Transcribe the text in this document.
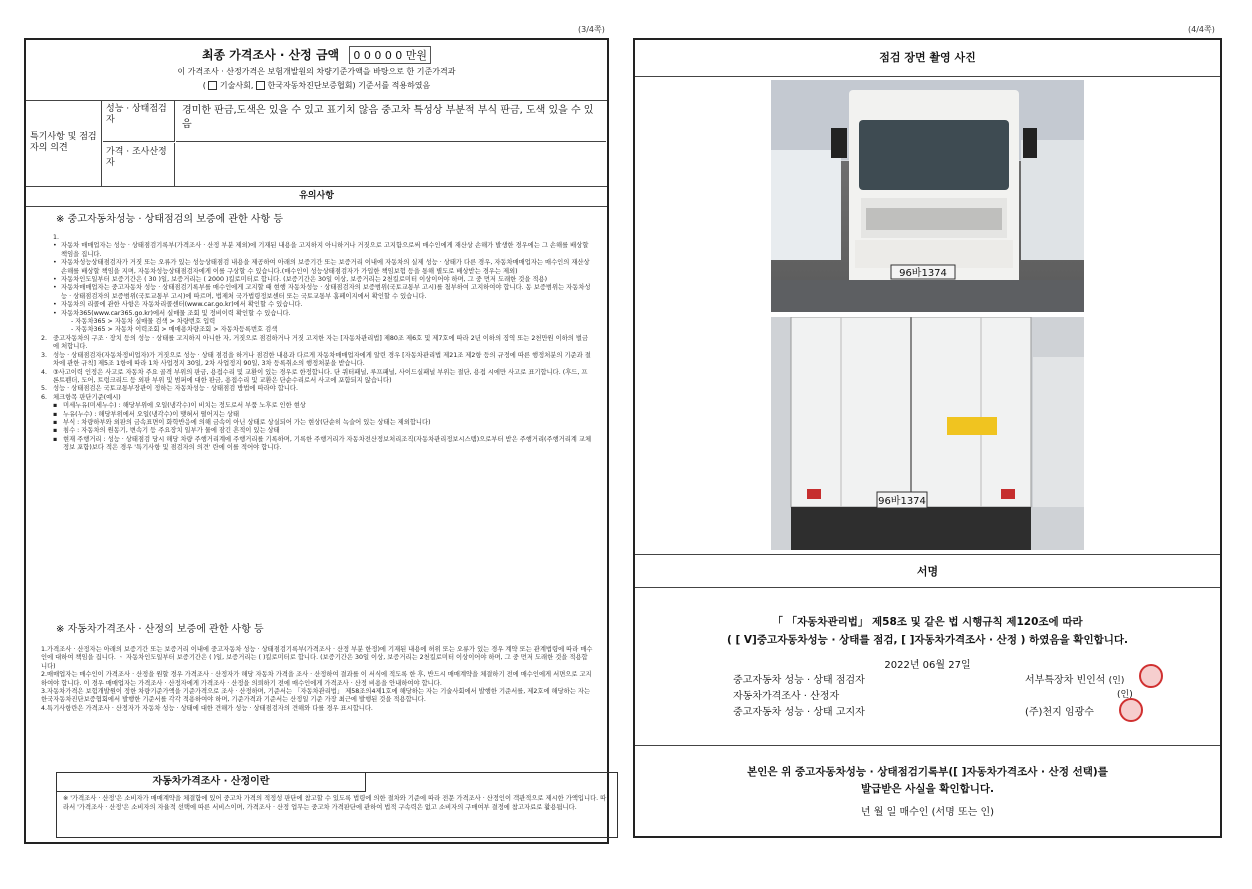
(3/4쪽)	(4/4쪽)
최종 가격조사 · 산정 금액 0 0 0 0 0 만원
이 가격조사 · 산정가격은 보험개발원의 차량기준가액을 바탕으로 한 기준가격과
(  기술사회,  한국자동차진단보증협회) 기준서를 적용하였음
특기사항 및 점검자의 의견
성능 · 상태점검자
경미한 판금,도색은 있을 수 있고 표기치 않음 중고차 특성상 부분적 부식 판금, 도색 있을 수 있음
가격 · 조사산정자
유의사항
※ 중고자동차성능 · 상태점검의 보증에 관한 사항 등
1.
• 자동차 매매업자는 성능 · 상태점검기록부(가격조사 · 산정 부분 제외)에 기재된 내용을 고지하지 아니하거나 거짓으로 고지함으로써 매수인에게 재산상 손해가 발생한 경우에는 그 손해를 배상할 책임을 집니다.
• 자동차성능상태점검자가 거짓 또는 오류가 있는 성능상태점검 내용을 제공하여 아래의 보증기간 또는 보증거리 이내에 자동차의 실제 성능 · 상태가 다른 경우, 자동차매매업자는 매수인의 재산상 손해를 배상할 책임을 지며, 자동차성능상태점검자에게 이를 구상할 수 있습니다.(매수인이 성능상태점검자가 가입한 책임보험 등을 통해 별도로 배상받는 경우는 제외)
• 자동차인도일부터 보증기간은 ( 30 )일, 보증거리는 ( 2000 )킬로미터로 합니다. (보증기간은 30일 이상, 보증거리는 2천킬로미터 이상이어야 하며, 그 중 먼저 도래한 것을 적용)
• 자동차매매업자는 중고자동차 성능 · 상태점검기록부를 매수인에게 고지할 때 현행 자동차성능 · 상태점검자의 보증범위(국토교통부 고시)를 첨부하여 고지하여야 합니다. 동 보증범위는 자동차성능 · 상태점검자의 보증범위(국토교통부 고시)에 따르며, 법제처 국가법령정보센터 또는 국토교통부 홈페이지에서 확인할 수 있습니다.
• 자동차의 리콜에 관한 사항은 자동차리콜센터(www.car.go.kr)에서 확인할 수 있습니다.
• 자동차365(www.car365.go.kr)에서 실매물 조회 및 정비이력 확인할 수 있습니다.
- 자동차365 > 자동차 실매물 검색 > 차량번호 입력
- 자동차365 > 자동차 이력조회 > 매매용차량조회 > 자동차등록번호 검색
2. 중고자동차의 구조 · 장치 등의 성능 · 상태를 고지하지 아니한 자, 거짓으로 점검하거나 거짓 고지한 자는 [자동차관리법] 제80조 제6호 및 제7호에 따라 2년 이하의 징역 또는 2천만원 이하의 벌금에 처합니다.
3. 성능 · 상태점검자(자동차정비업자)가 거짓으로 성능 · 상태 점검을 하거나 점검한 내용과 다르게 자동차매매업자에게 알린 경우 [자동차관리법 제21조 제2항 등의 규정에 따른 행정처분의 기준과 절차에 관한 규칙] 제5조 1항에 따라 1차 사업정지 30일, 2차 사업정지 90일, 3차 등록취소의 행정처분을 받습니다.
4. ③사고이력 인정은 사고로 자동차 주요 골격 부위의 판금, 용접수리 및 교환이 있는 경우로 한정합니다. 단 쿼터패널, 루프패널, 사이드실패널 부위는 절단, 용접 시에만 사고로 표기합니다. (후드, 프론트펜더, 도어, 트렁크리드 등 외판 부위 및 범퍼에 대한 판금, 용접수리 및 교환은 단순수리로서 사고에 포함되지 않습니다)
5. 성능 · 상태점검은 국토교통부장관이 정하는 자동차성능 · 상태점검 방법에 따라야 합니다.
6. 체크항목 판단기준(예시)
▪ 미세누유(미세누수) : 해당부위에 오일(냉각수)이 비치는 정도로서 부품 노후로 인한 현상
▪ 누유(누수) : 해당부위에서 오일(냉각수)이 맺혀서 떨어지는 상태
▪ 부식 : 차량하부와 외판의 금속표면이 화학반응에 의해 금속이 아닌 상태로 상실되어 가는 현상(단순히 녹슬어 있는 상태는 제외합니다)
▪ 침수 : 자동차의 원동기, 변속기 등 주요장치 일부가 물에 잠긴 흔적이 있는 상태
▪ 현재 주행거리 : 성능 · 상태점검 당시 해당 차량 주행거리계에 주행거리를 기록하며, 기록한 주행거리가 자동차전산정보처리조직(자동차관리정보시스템)으로부터 받은 주행거리(주행거리계 교체 정보 포함)보다 적은 경우 '특기사항 및 점검자의 의견' 란에 이를 적어야 합니다.
※ 자동차가격조사 · 산정의 보증에 관한 사항 등
1.가격조사 · 산정자는 아래의 보증기간 또는 보증거리 이내에 중고자동차 성능 · 상태점검기록부(가격조사 · 산정 부분 한정)에 기재된 내용에 허위 또는 오류가 있는 경우 계약 또는 관계법령에 따라 매수인에 대하여 책임을 집니다. ㆍ 자동차인도일부터 보증기간은 ( )일, 보증거리는 ( )킬로미터로 합니다. (보증기간은 30일 이상, 보증거리는 2천킬로미터 이상이어야 하며, 그 중 먼저 도래한 것을 적용합니다)
2.매매업자는 매수인이 가격조사 · 산정을 원할 경우 가격조사 · 산정자가 해당 자동차 가격을 조사 · 산정하여 결과를 이 서식에 적도록 한 후, 반드시 매매계약을 체결하기 전에 매수인에게 서면으로 고지하여야 합니다. 이 경우 매매업자는 가격조사 · 산정자에게 가격조사 · 산정을 의뢰하기 전에 매수인에게 가격조사 · 산정 비용을 안내하여야 합니다.
3.자동차가격은 보험개발원이 정한 차량기준가액을 기준가격으로 조사 · 산정하며, 기준서는 「자동차관리법」 제58조의4제1호에 해당하는 자는 기술사회에서 발행한 기준서를, 제2호에 해당하는 자는 한국자동차진단보증협회에서 발행한 기준서를 각각 적용하여야 하며, 기준가격과 기준서는 산정일 기준 가장 최근에 발행된 것을 적용합니다.
4.특기사항란은 가격조사 · 산정자가 자동차 성능 · 상태에 대한 견해가 성능 · 상태점검자의 견해와 다를 경우 표시합니다.
자동차가격조사 · 산정이란
※ '가격조사 · 산정'은 소비자가 매매계약을 체결함에 있어 중고차 가격의 적정성 판단에 참고할 수 있도록 법령에 의한 절차와 기준에 따라 전문 가격조사 · 산정인이 객관적으로 제시한 가액입니다. 따라서 '가격조사 · 산정'은 소비자의 자율적 선택에 따른 서비스이며, 가격조사 · 산정 업무는 중고차 가격판단에 관하여 법적 구속력은 없고 소비자의 구매여부 결정에 참고자료로 활용됩니다.
점검 장면 촬영 사진
96바1374
96바1374
서명
「 「자동차관리법」 제58조 및 같은 법 시행규칙 제120조에 따라
( [ V]중고자동차성능 · 상태를 점검, [ ]자동차가격조사 · 산정 ) 하였음을 확인합니다.
2022년 06월 27일
중고자동차 성능 · 상태 점검자	서부특장차 빈인석 (인)
자동차가격조사 · 산정자	(인)
중고자동차 성능 · 상태 고지자	(주)천지 임광수
본인은 위 중고자동차성능 · 상태점검기록부([ ]자동차가격조사 · 산정 선택)를
발급받은 사실을 확인합니다.
년 월 일 매수인 (서명 또는 인)
